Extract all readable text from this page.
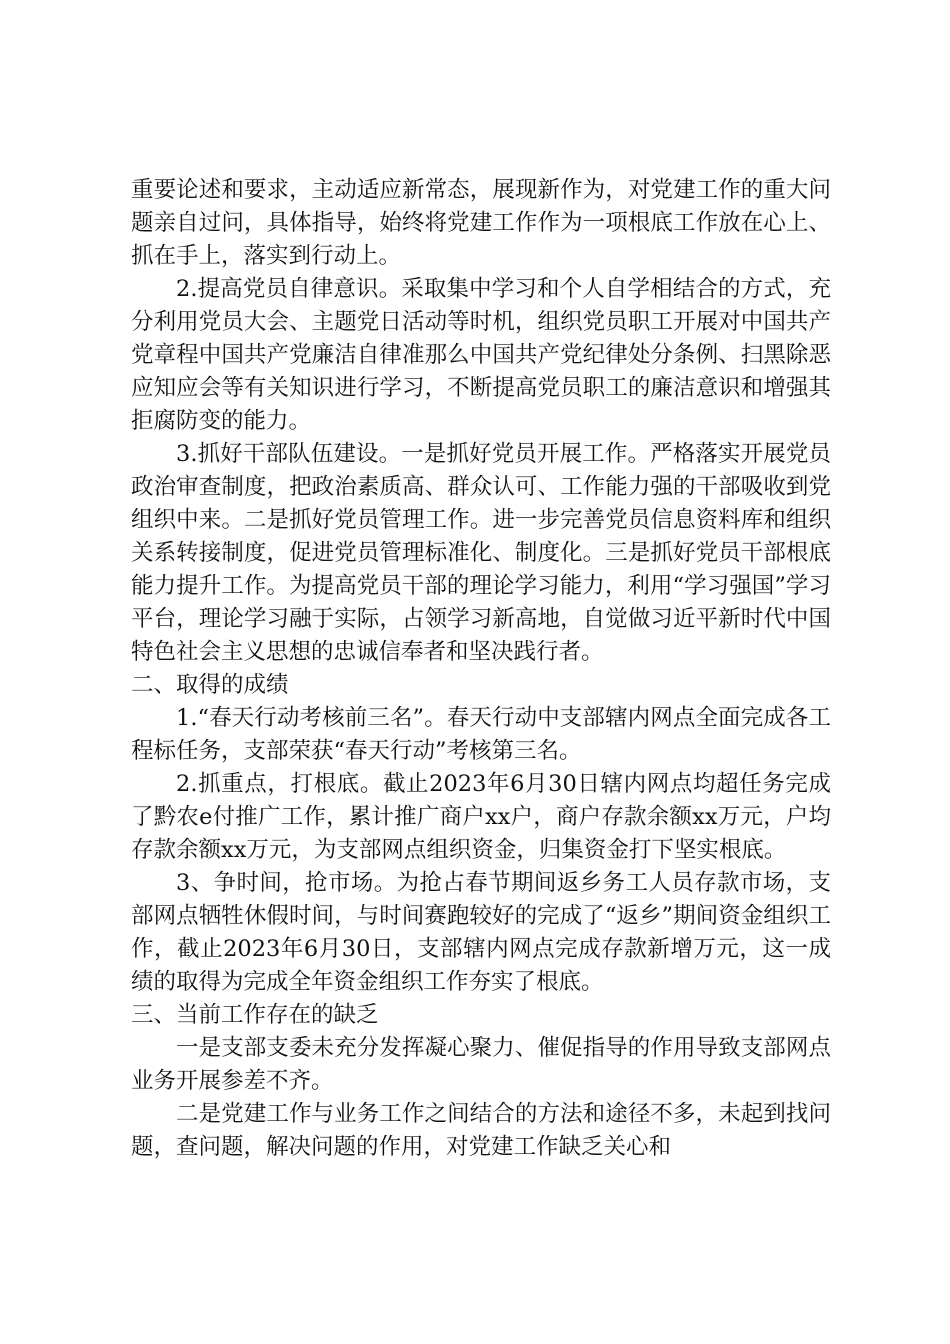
重要论述和要求，主动适应新常态，展现新作为，对党建工作的重大问题亲自过问，具体指导，始终将党建工作作为一项根底工作放在心上、抓在手上，落实到行动上。

2.提高党员自律意识。采取集中学习和个人自学相结合的方式，充分利用党员大会、主题党日活动等时机，组织党员职工开展对中国共产党章程中国共产党廉洁自律准那么中国共产党纪律处分条例、扫黑除恶应知应会等有关知识进行学习，不断提高党员职工的廉洁意识和增强其拒腐防变的能力。

3.抓好干部队伍建设。一是抓好党员开展工作。严格落实开展党员政治审查制度，把政治素质高、群众认可、工作能力强的干部吸收到党组织中来。二是抓好党员管理工作。进一步完善党员信息资料库和组织关系转接制度，促进党员管理标准化、制度化。三是抓好党员干部根底能力提升工作。为提高党员干部的理论学习能力，利用“学习强国”学习平台，理论学习融于实际，占领学习新高地，自觉做习近平新时代中国特色社会主义思想的忠诚信奉者和坚决践行者。

二、取得的成绩

1.“春天行动考核前三名”。春天行动中支部辖内网点全面完成各工程标任务，支部荣获“春天行动”考核第三名。

2.抓重点，打根底。截止2023年6月30日辖内网点均超任务完成了黔农e付推广工作，累计推广商户xx户，商户存款余额xx万元，户均存款余额xx万元，为支部网点组织资金，归集资金打下坚实根底。

3、争时间，抢市场。为抢占春节期间返乡务工人员存款市场，支部网点牺牲休假时间，与时间赛跑较好的完成了“返乡”期间资金组织工作，截止2023年6月30日，支部辖内网点完成存款新增万元，这一成绩的取得为完成全年资金组织工作夯实了根底。

三、当前工作存在的缺乏

一是支部支委未充分发挥凝心聚力、催促指导的作用导致支部网点业务开展参差不齐。

二是党建工作与业务工作之间结合的方法和途径不多，未起到找问题，查问题，解决问题的作用，对党建工作缺乏关心和
